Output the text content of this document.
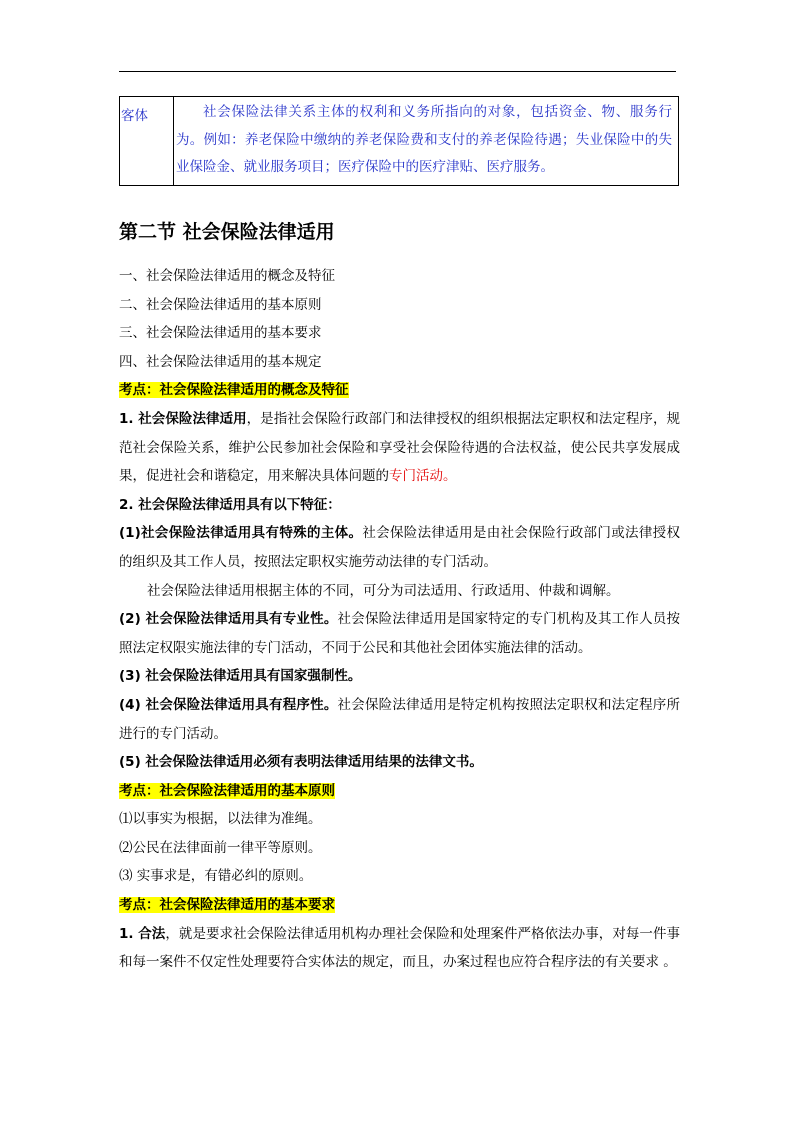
客体	社会保险法律关系主体的权利和义务所指向的对象，包括资金、物、服务行为。例如：养老保险中缴纳的养老保险费和支付的养老保险待遇；失业保险中的失业保险金、就业服务项目；医疗保险中的医疗津贴、医疗服务。
第二节 社会保险法律适用

一、社会保险法律适用的概念及特征

二、社会保险法律适用的基本原则

三、社会保险法律适用的基本要求

四、社会保险法律适用的基本规定

考点：社会保险法律适用的概念及特征

1. 社会保险法律适用，是指社会保险行政部门和法律授权的组织根据法定职权和法定程序，规范社会保险关系，维护公民参加社会保险和享受社会保险待遇的合法权益，使公民共享发展成果，促进社会和谐稳定，用来解决具体问题的专门活动。

2. 社会保险法律适用具有以下特征：

(1)社会保险法律适用具有特殊的主体。社会保险法律适用是由社会保险行政部门或法律授权的组织及其工作人员，按照法定职权实施劳动法律的专门活动。

社会保险法律适用根据主体的不同，可分为司法适用、行政适用、仲裁和调解。

(2) 社会保险法律适用具有专业性。社会保险法律适用是国家特定的专门机构及其工作人员按照法定权限实施法律的专门活动，不同于公民和其他社会团体实施法律的活动。

(3) 社会保险法律适用具有国家强制性。

(4) 社会保险法律适用具有程序性。社会保险法律适用是特定机构按照法定职权和法定程序所进行的专门活动。

(5) 社会保险法律适用必须有表明法律适用结果的法律文书。

考点：社会保险法律适用的基本原则

⑴以事实为根据，以法律为准绳。

⑵公民在法律面前一律平等原则。

⑶ 实事求是，有错必纠的原则。

考点：社会保险法律适用的基本要求

1. 合法，就是要求社会保险法律适用机构办理社会保险和处理案件严格依法办事，对每一件事和每一案件不仅定性处理要符合实体法的规定，而且，办案过程也应符合程序法的有关要求 。
